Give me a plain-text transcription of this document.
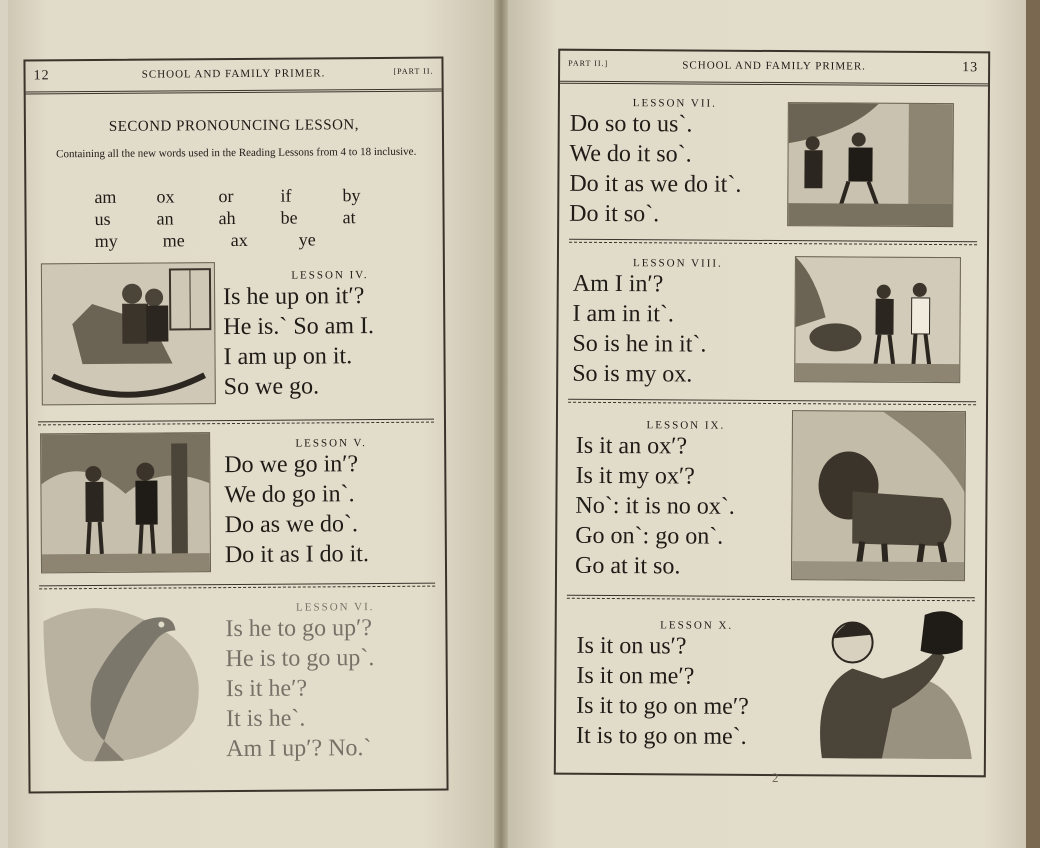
12	SCHOOL AND FAMILY PRIMER.	[PART II.
SECOND PRONOUNCING LESSON,
Containing all the new words used in the Reading Lessons from 4 to 18 inclusive.
am	ox	or	if	by
us	an	ah	be	at
my	me	ax	ye
LESSON IV.
Is he up on it′?
He is.` So am I.
I am up on it.
So we go.
LESSON V.
Do we go in′?
We do go in`.
Do as we do`.
Do it as I do it.
LESSON VI.
Is he to go up′?
He is to go up`.
Is it he′?
It is he`.
Am I up′? No.`
PART II.]	SCHOOL AND FAMILY PRIMER.	13
LESSON VII.
Do so to us`.
We do it so`.
Do it as we do it`.
Do it so`.
LESSON VIII.
Am I in′?
I am in it`.
So is he in it`.
So is my ox.
LESSON IX.
Is it an ox′?
Is it my ox′?
No`: it is no ox`.
Go on`: go on`.
Go at it so.
LESSON X.
Is it on us′?
Is it on me′?
Is it to go on me′?
It is to go on me`.
2
